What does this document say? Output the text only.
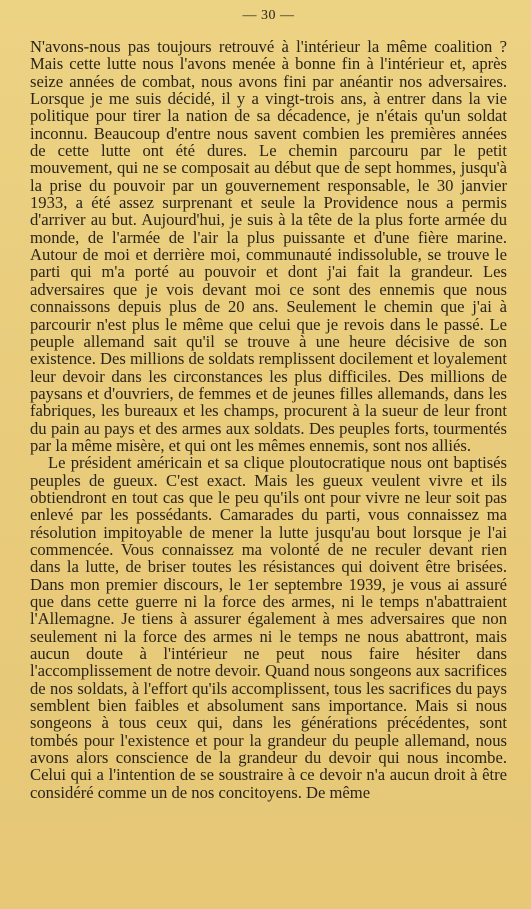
— 30 —

N'avons-nous pas toujours retrouvé à l'intérieur la même coalition ? Mais cette lutte nous l'avons menée à bonne fin à l'intérieur et, après seize années de combat, nous avons fini par anéantir nos adversaires. Lorsque je me suis décidé, il y a vingt-trois ans, à entrer dans la vie politique pour tirer la nation de sa décadence, je n'étais qu'un soldat inconnu. Beaucoup d'entre nous savent combien les premières années de cette lutte ont été dures. Le chemin parcouru par le petit mouvement, qui ne se composait au début que de sept hommes, jusqu'à la prise du pouvoir par un gouvernement responsable, le 30 janvier 1933, a été assez surprenant et seule la Providence nous a permis d'arriver au but. Aujourd'hui, je suis à la tête de la plus forte armée du monde, de l'armée de l'air la plus puissante et d'une fière marine. Autour de moi et derrière moi, communauté indissoluble, se trouve le parti qui m'a porté au pouvoir et dont j'ai fait la grandeur. Les adversaires que je vois devant moi ce sont des ennemis que nous connaissons depuis plus de 20 ans. Seulement le chemin que j'ai à parcourir n'est plus le même que celui que je revois dans le passé. Le peuple allemand sait qu'il se trouve à une heure décisive de son existence. Des millions de soldats remplissent docilement et loyalement leur devoir dans les circonstances les plus difficiles. Des millions de paysans et d'ouvriers, de femmes et de jeunes filles allemands, dans les fabriques, les bureaux et les champs, procurent à la sueur de leur front du pain au pays et des armes aux soldats. Des peuples forts, tourmentés par la même misère, et qui ont les mêmes ennemis, sont nos alliés.

Le président américain et sa clique ploutocratique nous ont baptisés peuples de gueux. C'est exact. Mais les gueux veulent vivre et ils obtiendront en tout cas que le peu qu'ils ont pour vivre ne leur soit pas enlevé par les possédants. Camarades du parti, vous connaissez ma résolution impitoyable de mener la lutte jusqu'au bout lorsque je l'ai commencée. Vous connaissez ma volonté de ne reculer devant rien dans la lutte, de briser toutes les résistances qui doivent être brisées. Dans mon premier discours, le 1er septembre 1939, je vous ai assuré que dans cette guerre ni la force des armes, ni le temps n'abattraient l'Allemagne. Je tiens à assurer également à mes adversaires que non seulement ni la force des armes ni le temps ne nous abattront, mais aucun doute à l'intérieur ne peut nous faire hésiter dans l'accomplissement de notre devoir. Quand nous songeons aux sacrifices de nos soldats, à l'effort qu'ils accomplissent, tous les sacrifices du pays semblent bien faibles et absolument sans importance. Mais si nous songeons à tous ceux qui, dans les générations précédentes, sont tombés pour l'existence et pour la grandeur du peuple allemand, nous avons alors conscience de la grandeur du devoir qui nous incombe. Celui qui a l'intention de se soustraire à ce devoir n'a aucun droit à être considéré comme un de nos concitoyens. De même
